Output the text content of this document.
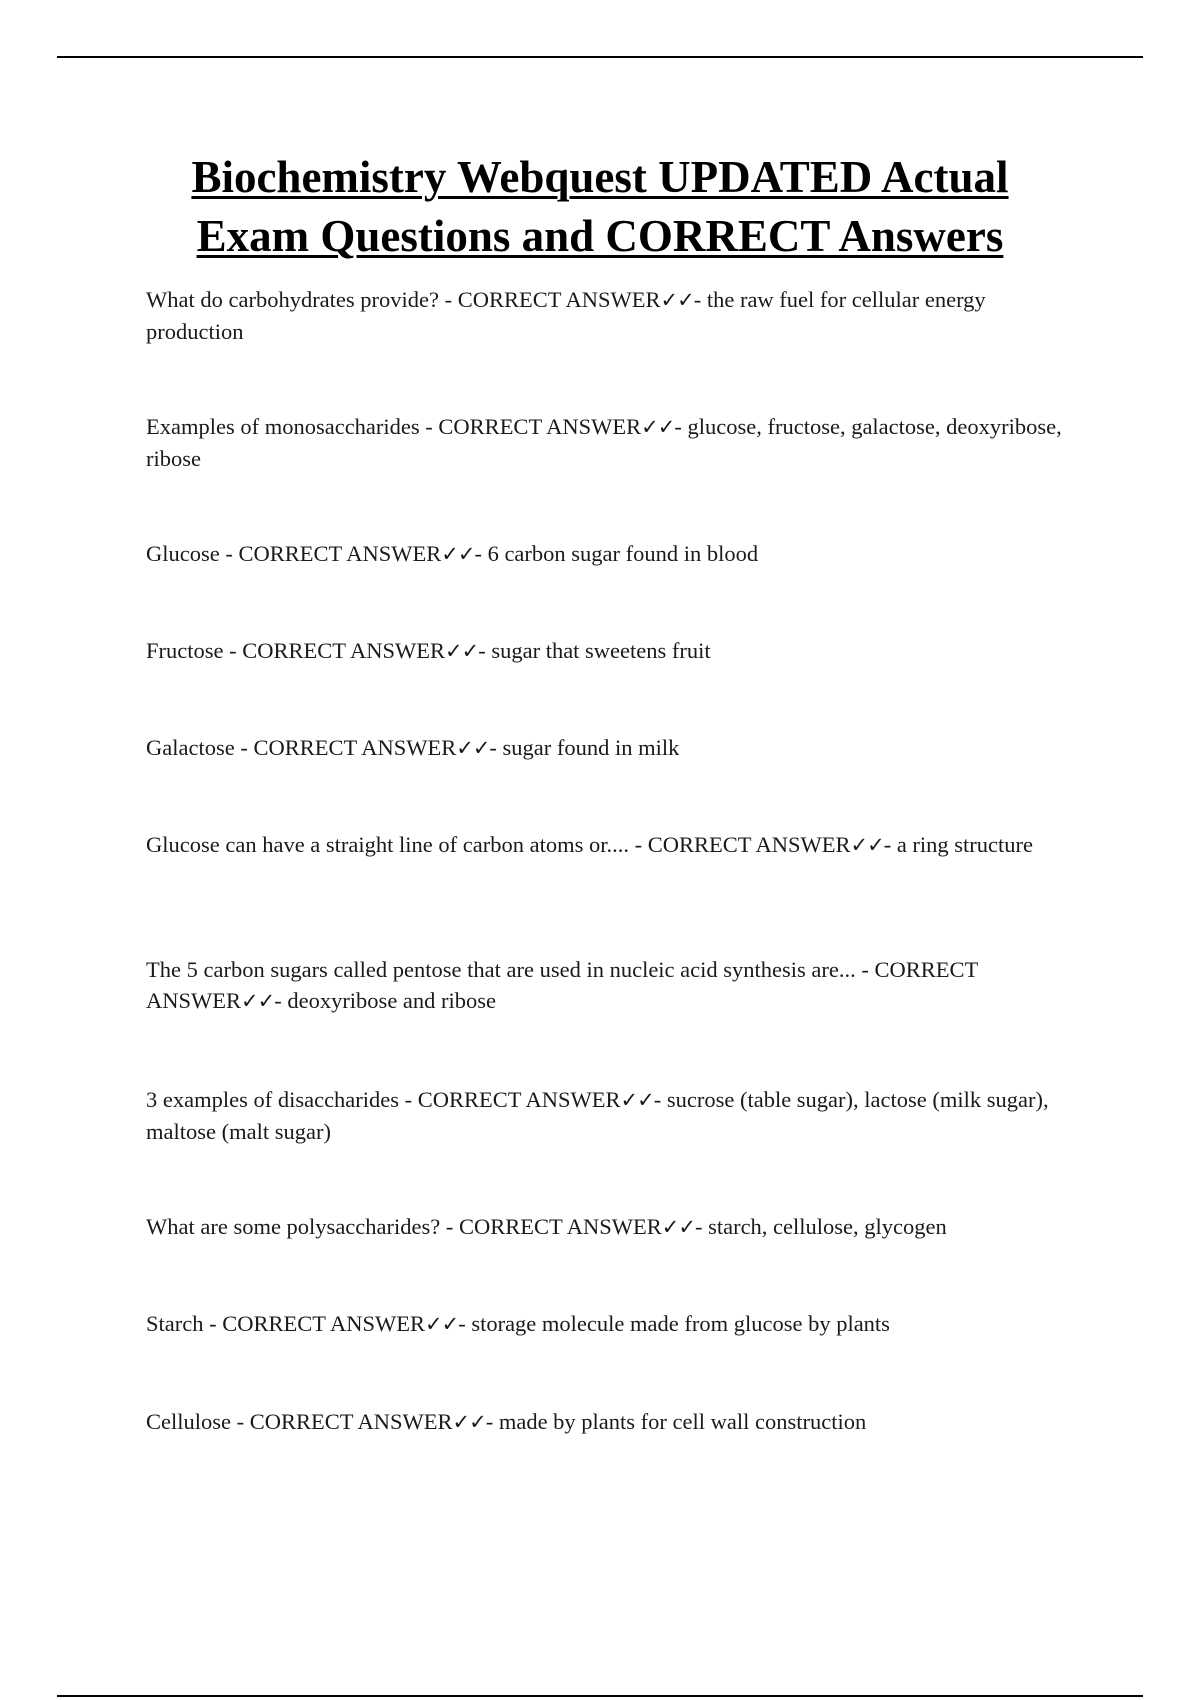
Biochemistry Webquest UPDATED Actual
Exam Questions and CORRECT Answers

What do carbohydrates provide? - CORRECT ANSWER✓✓- the raw fuel for cellular energy production

Examples of monosaccharides - CORRECT ANSWER✓✓- glucose, fructose, galactose, deoxyribose, ribose

Glucose - CORRECT ANSWER✓✓- 6 carbon sugar found in blood

Fructose - CORRECT ANSWER✓✓- sugar that sweetens fruit

Galactose - CORRECT ANSWER✓✓- sugar found in milk

Glucose can have a straight line of carbon atoms or.... - CORRECT ANSWER✓✓- a ring structure

The 5 carbon sugars called pentose that are used in nucleic acid synthesis are... - CORRECT ANSWER✓✓- deoxyribose and ribose

3 examples of disaccharides - CORRECT ANSWER✓✓- sucrose (table sugar), lactose (milk sugar), maltose (malt sugar)

What are some polysaccharides? - CORRECT ANSWER✓✓- starch, cellulose, glycogen

Starch - CORRECT ANSWER✓✓- storage molecule made from glucose by plants

Cellulose - CORRECT ANSWER✓✓- made by plants for cell wall construction
